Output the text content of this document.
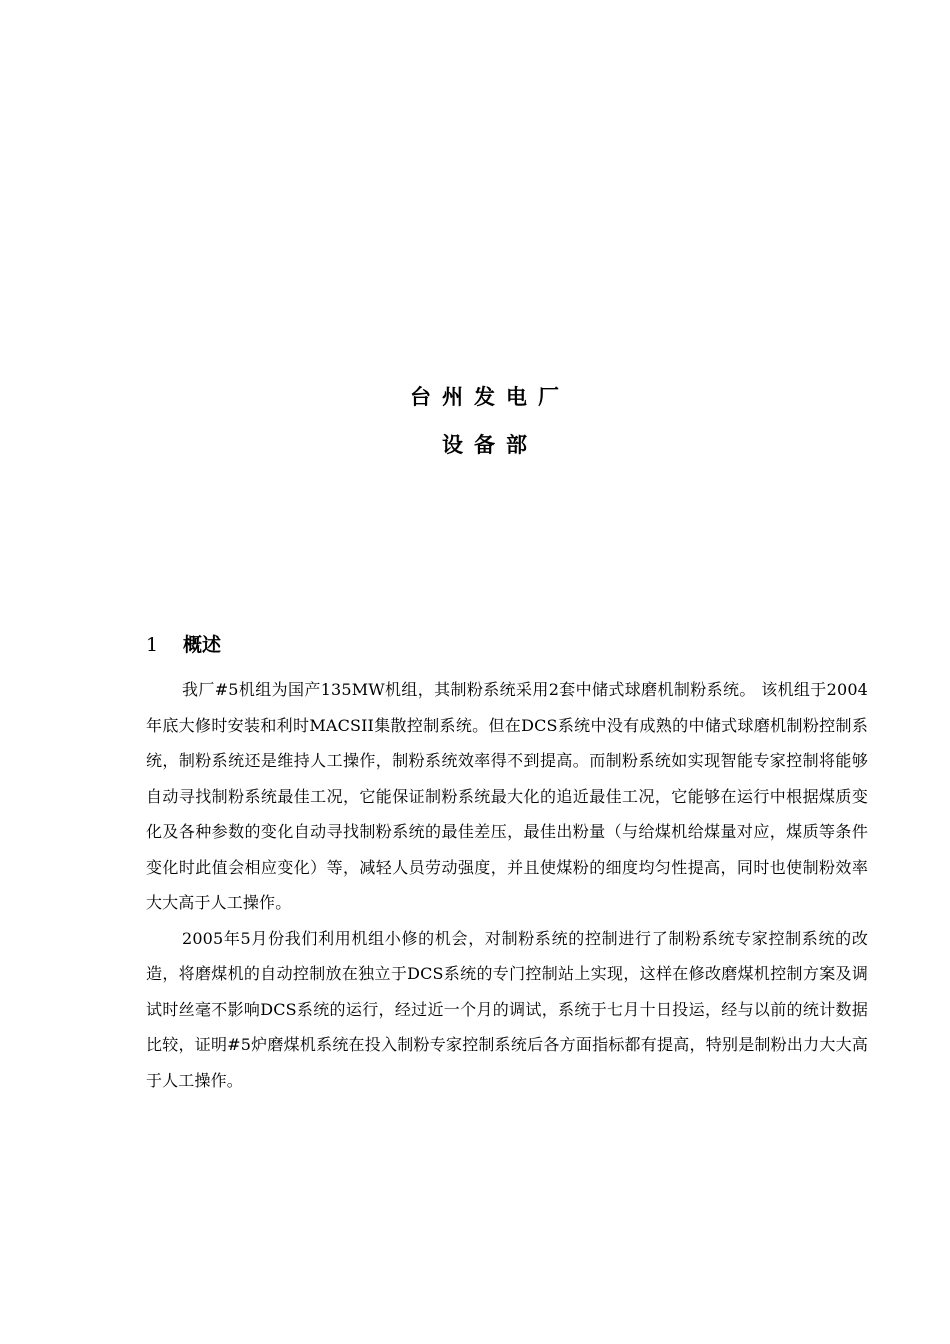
台州发电厂
设备部
1 概述

我厂#5机组为国产135MW机组，其制粉系统采用2套中储式球磨机制粉系统。 该机组于2004年底大修时安装和利时MACSII集散控制系统。但在DCS系统中没有成熟的中储式球磨机制粉控制系统，制粉系统还是维持人工操作，制粉系统效率得不到提高。而制粉系统如实现智能专家控制将能够自动寻找制粉系统最佳工况，它能保证制粉系统最大化的追近最佳工况，它能够在运行中根据煤质变化及各种参数的变化自动寻找制粉系统的最佳差压，最佳出粉量（与给煤机给煤量对应，煤质等条件变化时此值会相应变化）等，减轻人员劳动强度，并且使煤粉的细度均匀性提高，同时也使制粉效率大大高于人工操作。

2005年5月份我们利用机组小修的机会，对制粉系统的控制进行了制粉系统专家控制系统的改造，将磨煤机的自动控制放在独立于DCS系统的专门控制站上实现，这样在修改磨煤机控制方案及调试时丝毫不影响DCS系统的运行，经过近一个月的调试，系统于七月十日投运，经与以前的统计数据比较，证明#5炉磨煤机系统在投入制粉专家控制系统后各方面指标都有提高，特别是制粉出力大大高于人工操作。
